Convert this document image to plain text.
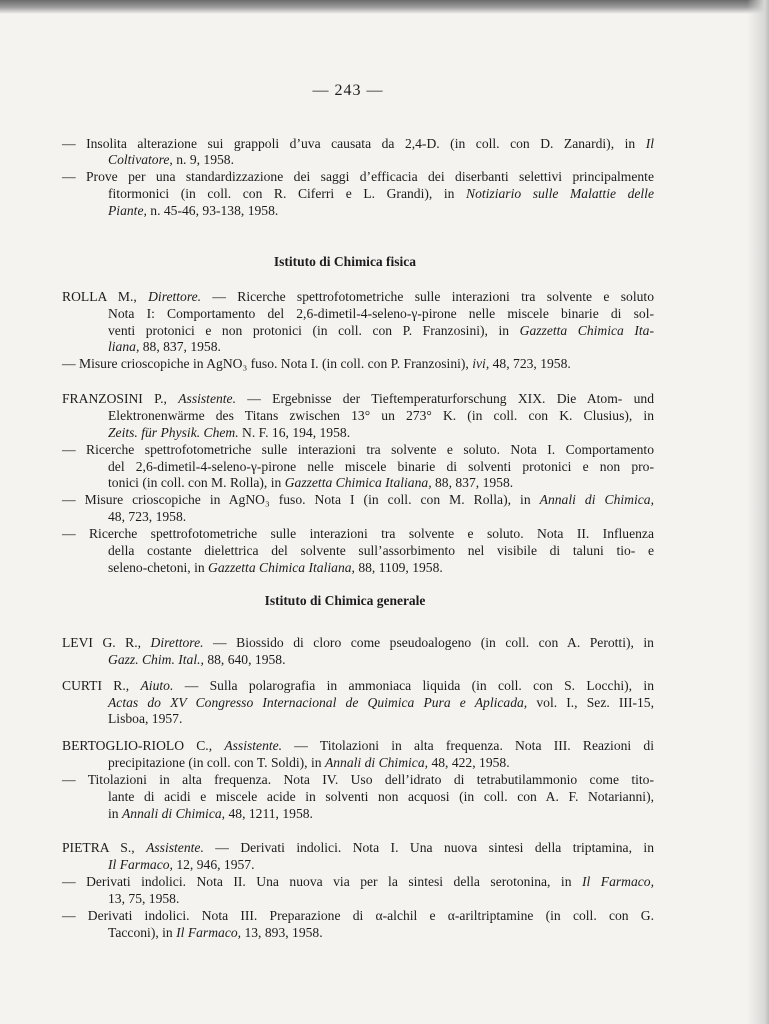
— 243 —
— Insolita alterazione sui grappoli d’uva causata da 2,4-D. (in coll. con D. Zanardi), in Il
Coltivatore, n. 9, 1958.
— Prove per una standardizzazione dei saggi d’efficacia dei diserbanti selettivi principalmente
fitormonici (in coll. con R. Ciferri e L. Grandi), in Notiziario sulle Malattie delle
Piante, n. 45-46, 93-138, 1958.
Istituto di Chimica fisica
ROLLA M., Direttore. — Ricerche spettrofotometriche sulle interazioni tra solvente e soluto
Nota I: Comportamento del 2,6-dimetil-4-seleno-γ-pirone nelle miscele binarie di sol-
venti protonici e non protonici (in coll. con P. Franzosini), in Gazzetta Chimica Ita-
liana, 88, 837, 1958.
— Misure crioscopiche in AgNO₃ fuso. Nota I. (in coll. con P. Franzosini), ivi, 48, 723, 1958.
FRANZOSINI P., Assistente. — Ergebnisse der Tieftemperaturforschung XIX. Die Atom- und
Elektronenwärme des Titans zwischen 13° un 273° K. (in coll. con K. Clusius), in
Zeits. für Physik. Chem. N. F. 16, 194, 1958.
— Ricerche spettrofotometriche sulle interazioni tra solvente e soluto. Nota I. Comportamento
del 2,6-dimetil-4-seleno-γ-pirone nelle miscele binarie di solventi protonici e non pro-
tonici (in coll. con M. Rolla), in Gazzetta Chimica Italiana, 88, 837, 1958.
— Misure crioscopiche in AgNO₃ fuso. Nota I (in coll. con M. Rolla), in Annali di Chimica,
48, 723, 1958.
— Ricerche spettrofotometriche sulle interazioni tra solvente e soluto. Nota II. Influenza
della costante dielettrica del solvente sull’assorbimento nel visibile di taluni tio- e
seleno-chetoni, in Gazzetta Chimica Italiana, 88, 1109, 1958.
Istituto di Chimica generale
LEVI G. R., Direttore. — Biossido di cloro come pseudoalogeno (in coll. con A. Perotti), in
Gazz. Chim. Ital., 88, 640, 1958.
CURTI R., Aiuto. — Sulla polarografia in ammoniaca liquida (in coll. con S. Locchi), in
Actas do XV Congresso Internacional de Quimica Pura e Aplicada, vol. I., Sez. III-15,
Lisboa, 1957.
BERTOGLIO-RIOLO C., Assistente. — Titolazioni in alta frequenza. Nota III. Reazioni di
precipitazione (in coll. con T. Soldi), in Annali di Chimica, 48, 422, 1958.
— Titolazioni in alta frequenza. Nota IV. Uso dell’idrato di tetrabutilammonio come tito-
lante di acidi e miscele acide in solventi non acquosi (in coll. con A. F. Notarianni),
in Annali di Chimica, 48, 1211, 1958.
PIETRA S., Assistente. — Derivati indolici. Nota I. Una nuova sintesi della triptamina, in
Il Farmaco, 12, 946, 1957.
— Derivati indolici. Nota II. Una nuova via per la sintesi della serotonina, in Il Farmaco,
13, 75, 1958.
— Derivati indolici. Nota III. Preparazione di α-alchil e α-ariltriptamine (in coll. con G.
Tacconi), in Il Farmaco, 13, 893, 1958.
